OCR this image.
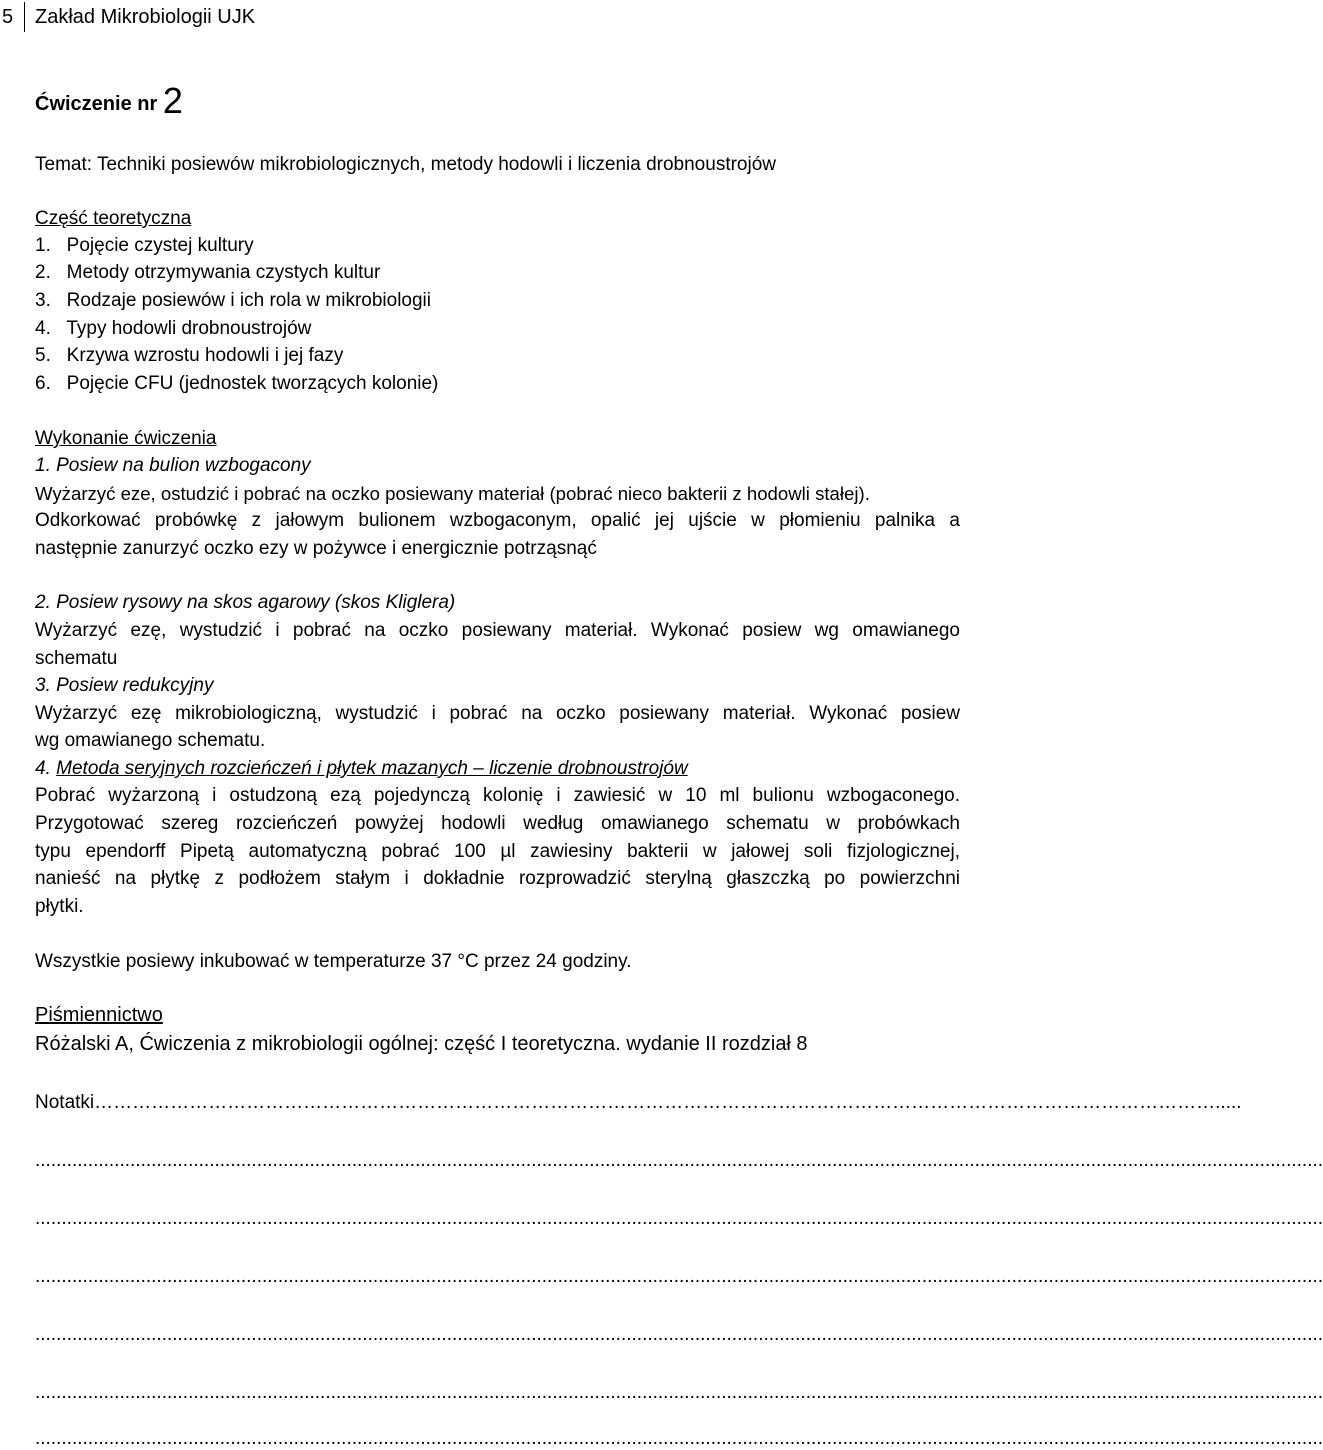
5	Zakład Mikrobiologii UJK
Ćwiczenie nr 2
Temat: Techniki posiewów mikrobiologicznych, metody hodowli i liczenia drobnoustrojów
Część teoretyczna
1.   Pojęcie czystej kultury
2.   Metody otrzymywania czystych kultur
3.   Rodzaje posiewów i ich rola w mikrobiologii
4.   Typy hodowli drobnoustrojów
5.   Krzywa wzrostu hodowli i jej fazy
6.   Pojęcie CFU (jednostek tworzących kolonie)
Wykonanie ćwiczenia
1. Posiew na bulion wzbogacony
Wyżarzyć eze, ostudzić i pobrać na oczko posiewany materiał (pobrać nieco bakterii z hodowli stałej).
Odkorkować probówkę z jałowym bulionem wzbogaconym, opalić jej ujście w płomieniu palnika a
następnie zanurzyć oczko ezy w pożywce i energicznie potrząsnąć
2. Posiew rysowy na skos agarowy (skos Kliglera)
Wyżarzyć ezę, wystudzić i pobrać na oczko posiewany materiał. Wykonać posiew wg omawianego
schematu
3. Posiew redukcyjny
Wyżarzyć ezę mikrobiologiczną, wystudzić i pobrać na oczko posiewany materiał. Wykonać posiew
wg omawianego schematu.
4. Metoda seryjnych rozcieńczeń i płytek mazanych – liczenie drobnoustrojów
Pobrać wyżarzoną i ostudzoną ezą pojedynczą kolonię i zawiesić w 10 ml bulionu wzbogaconego.
Przygotować szereg rozcieńczeń powyżej hodowli według omawianego schematu w probówkach
typu ependorff Pipetą automatyczną pobrać 100 µl zawiesiny bakterii w jałowej soli fizjologicznej,
nanieść na płytkę z podłożem stałym i dokładnie rozprowadzić sterylną głaszczką po powierzchni
płytki.
Wszystkie posiewy inkubować w temperaturze 37 °C przez 24 godziny.
Piśmiennictwo
Różalski A, Ćwiczenia z mikrobiologii ogólnej: część I teoretyczna. wydanie II rozdział 8
Notatki…………………………………………………………………………………………………………………………………………………………….....
....................................................................................................................................................................................................................................................
....................................................................................................................................................................................................................................................
....................................................................................................................................................................................................................................................
....................................................................................................................................................................................................................................................
....................................................................................................................................................................................................................................................
....................................................................................................................................................................................................................................................
